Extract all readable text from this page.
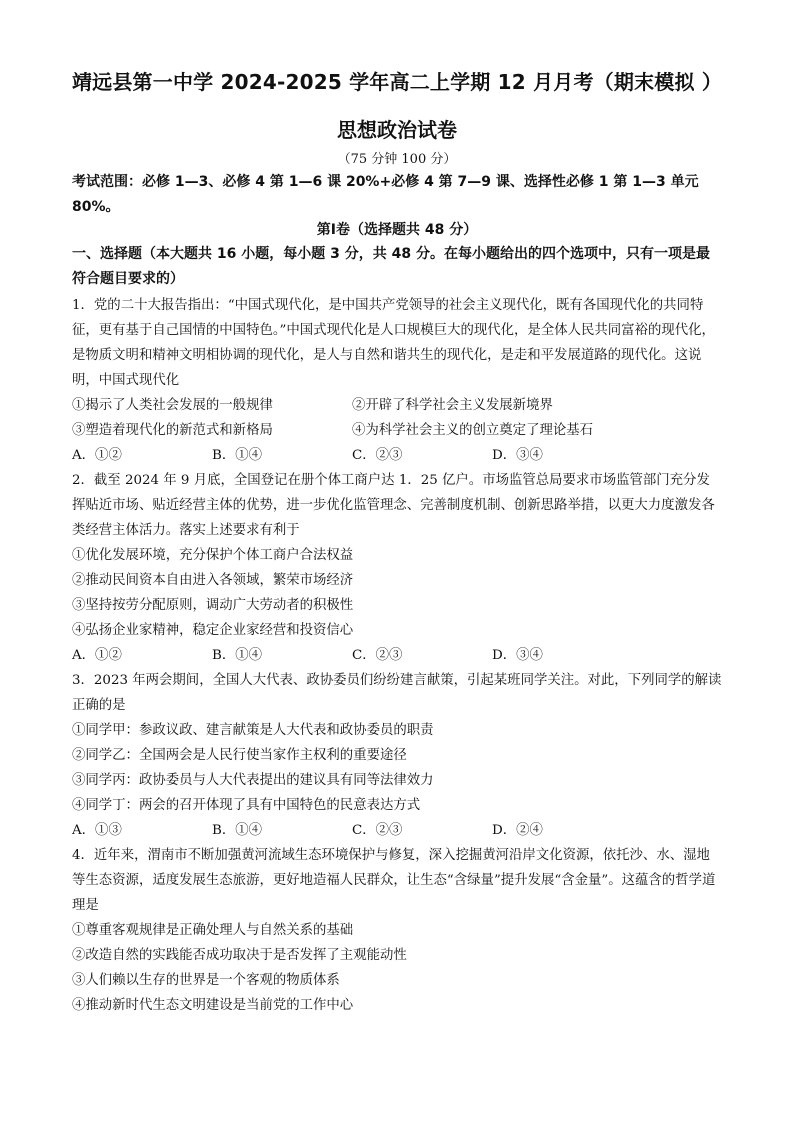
靖远县第一中学 2024-2025 学年高二上学期 12 月月考（期末模拟 ）
思想政治试卷
（75 分钟 100 分）
考试范围：必修 1—3、必修 4 第 1—6 课 20%+必修 4 第 7—9 课、选择性必修 1 第 1—3 单元 80%。
第Ⅰ卷（选择题共 48 分）
一、选择题（本大题共 16 小题，每小题 3 分，共 48 分。在每小题给出的四个选项中，只有一项是最符合题目要求的）
1．党的二十大报告指出：“中国式现代化，是中国共产党领导的社会主义现代化，既有各国现代化的共同特征，更有基于自己国情的中国特色。”中国式现代化是人口规模巨大的现代化，是全体人民共同富裕的现代化，是物质文明和精神文明相协调的现代化，是人与自然和谐共生的现代化，是走和平发展道路的现代化。这说明，中国式现代化
①揭示了人类社会发展的一般规律	②开辟了科学社会主义发展新境界
③塑造着现代化的新范式和新格局	④为科学社会主义的创立奠定了理论基石
A．①②	B．①④	C．②③	D．③④
2．截至 2024 年 9 月底，全国登记在册个体工商户达 1．25 亿户。市场监管总局要求市场监管部门充分发挥贴近市场、贴近经营主体的优势，进一步优化监管理念、完善制度机制、创新思路举措，以更大力度激发各类经营主体活力。落实上述要求有利于
①优化发展环境，充分保护个体工商户合法权益
②推动民间资本自由进入各领域，繁荣市场经济
③坚持按劳分配原则，调动广大劳动者的积极性
④弘扬企业家精神，稳定企业家经营和投资信心
A．①②	B．①④	C．②③	D．③④
3．2023 年两会期间，全国人大代表、政协委员们纷纷建言献策，引起某班同学关注。对此，下列同学的解读正确的是
①同学甲：参政议政、建言献策是人大代表和政协委员的职责
②同学乙：全国两会是人民行使当家作主权利的重要途径
③同学丙：政协委员与人大代表提出的建议具有同等法律效力
④同学丁：两会的召开体现了具有中国特色的民意表达方式
A．①③	B．①④	C．②③	D．②④
4．近年来，渭南市不断加强黄河流域生态环境保护与修复，深入挖掘黄河沿岸文化资源，依托沙、水、湿地等生态资源，适度发展生态旅游，更好地造福人民群众，让生态“含绿量”提升发展“含金量”。这蕴含的哲学道理是
①尊重客观规律是正确处理人与自然关系的基础
②改造自然的实践能否成功取决于是否发挥了主观能动性
③人们赖以生存的世界是一个客观的物质体系
④推动新时代生态文明建设是当前党的工作中心
